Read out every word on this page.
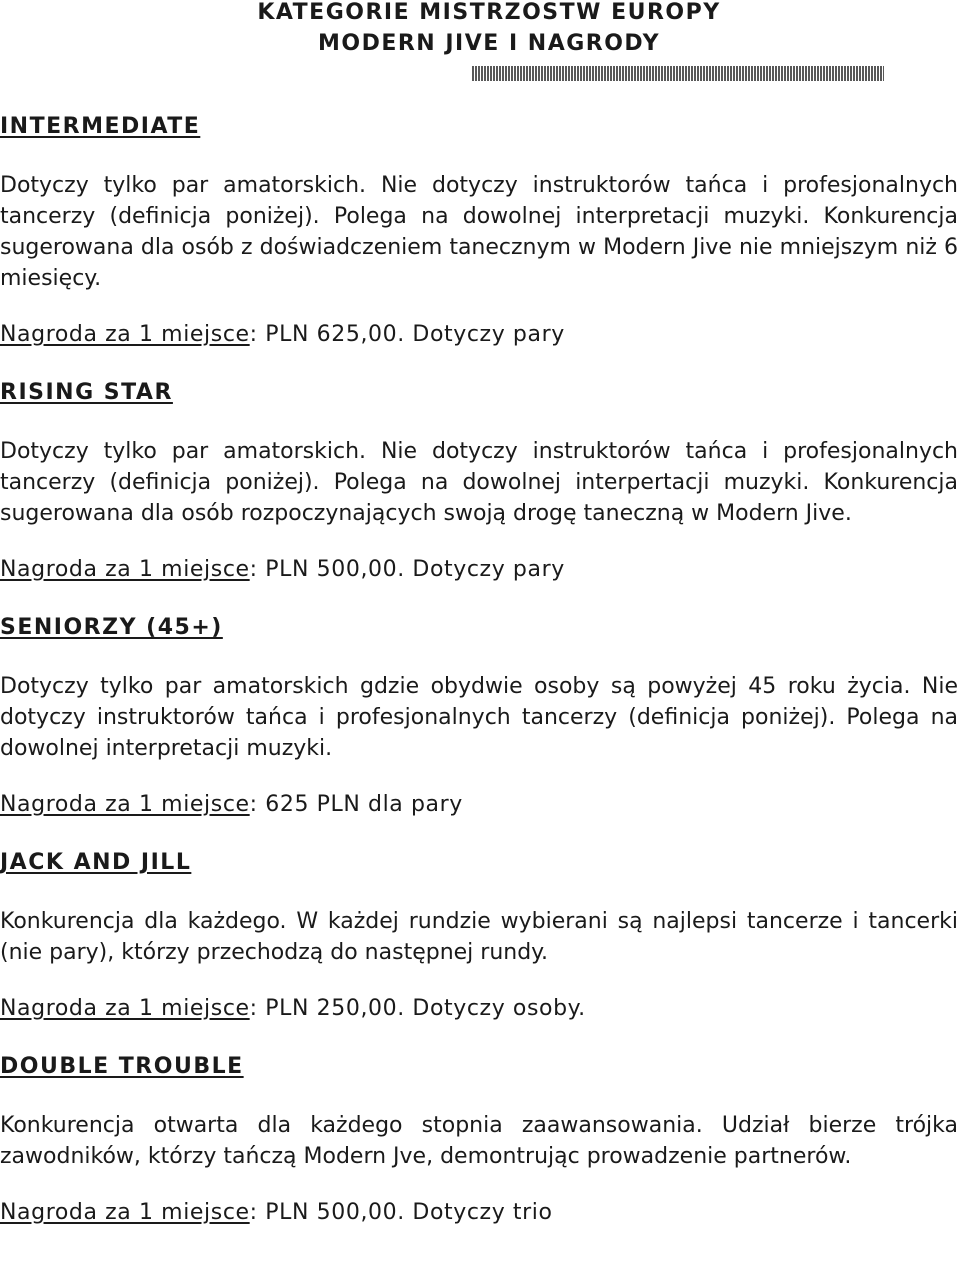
KATEGORIE MISTRZOSTW EUROPY
MODERN JIVE I NAGRODY
INTERMEDIATE

Dotyczy tylko par amatorskich. Nie dotyczy instruktorów tańca i profesjonalnych tancerzy (definicja poniżej). Polega na dowolnej interpretacji muzyki. Konkurencja sugerowana dla osób z doświadczeniem tanecznym w Modern Jive nie mniejszym niż 6 miesięcy.

Nagroda za 1 miejsce: PLN 625,00. Dotyczy pary

RISING STAR

Dotyczy tylko par amatorskich. Nie dotyczy instruktorów tańca i profesjonalnych tancerzy (definicja poniżej). Polega na dowolnej interpertacji muzyki. Konkurencja sugerowana dla osób rozpoczynających swoją drogę taneczną w Modern Jive.

Nagroda za 1 miejsce: PLN 500,00. Dotyczy pary

SENIORZY (45+)

Dotyczy tylko par amatorskich gdzie obydwie osoby są powyżej 45 roku życia. Nie dotyczy instruktorów tańca i profesjonalnych tancerzy (definicja poniżej). Polega na dowolnej interpretacji muzyki.

Nagroda za 1 miejsce: 625 PLN dla pary

JACK AND JILL

Konkurencja dla każdego. W każdej rundzie wybierani są najlepsi tancerze i tancerki (nie pary), którzy przechodzą do następnej rundy.

Nagroda za 1 miejsce: PLN 250,00. Dotyczy osoby.

DOUBLE TROUBLE

Konkurencja otwarta dla każdego stopnia zaawansowania. Udział bierze trójka zawodników, którzy tańczą Modern Jve, demontrując prowadzenie partnerów.

Nagroda za 1 miejsce: PLN 500,00. Dotyczy trio
